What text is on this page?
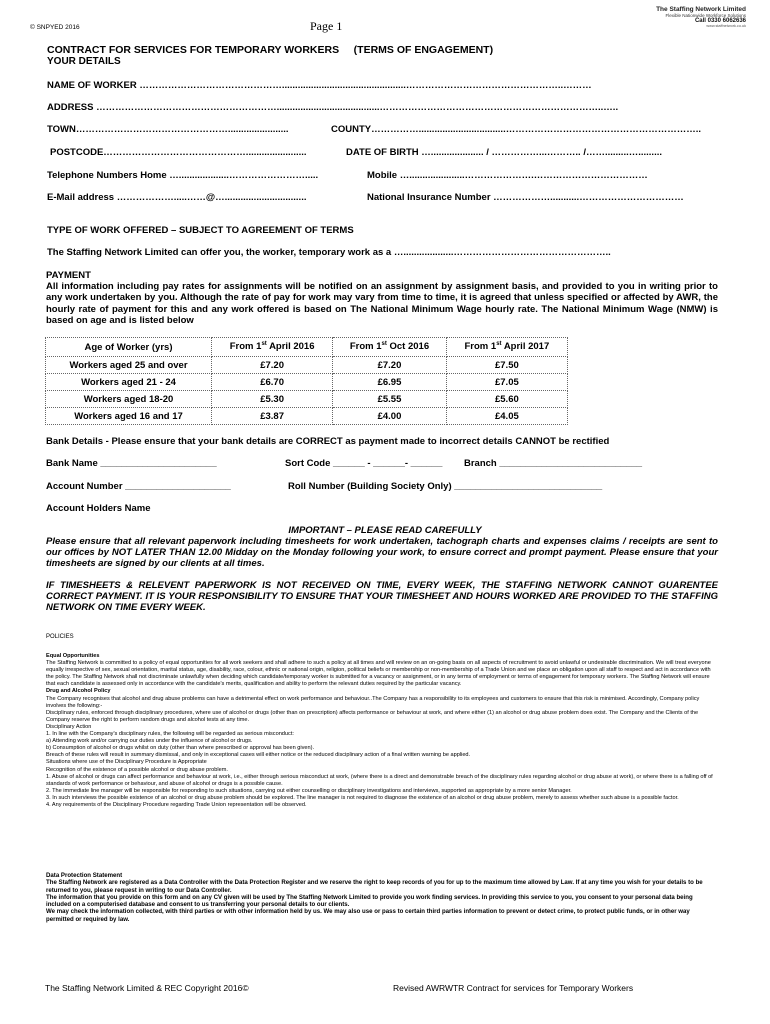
© SNPYED 2016	Page 1
The Staffing Network Limited
Flexible Nationwide Workforce Solutions
Call 0330 6062636
www.staffnetwork.co.uk
CONTRACT FOR SERVICES FOR TEMPORARY WORKERS     (TERMS OF ENGAGEMENT)
YOUR DETAILS
NAME OF WORKER ………………………………………...............................................…………………………………………..………
ADDRESS ………………………………………………….......................................……………………………………………………………..…..
TOWN………………………………………….......................	COUNTY…………….................................……………………………………………………..
POSTCODE……………………………………….......................	DATE OF BIRTH ….................... / ……………...……….. /…….........….........
Telephone Numbers Home …...................…………………….....	Mobile ….....................………………….………………………………
E-Mail address ……………….....……@…...............................	National Insurance Number ………………...........……………………………
TYPE OF WORK OFFERED – SUBJECT TO AGREEMENT OF TERMS
The Staffing Network Limited can offer you, the worker, temporary work as a …...................…………………………………………..
PAYMENT
All information including pay rates for assignments will be notified on an assignment by assignment basis, and provided to you in writing prior to any work undertaken by you. Although the rate of pay for work may vary from time to time, it is agreed that unless specified or affected by AWR, the hourly rate of payment for this and any work offered is based on The National Minimum Wage hourly rate. The National Minimum Wage (NMW) is based on age and is listed below
Age of Worker (yrs)	From 1st April 2016	From 1st Oct 2016	From 1st April 2017
Workers aged 25 and over	£7.20	£7.20	£7.50
Workers aged 21 - 24	£6.70	£6.95	£7.05
Workers aged 18-20	£5.30	£5.55	£5.60
Workers aged 16 and 17	£3.87	£4.00	£4.05
Bank Details - Please ensure that your bank details are CORRECT as payment made to incorrect details CANNOT be rectified
Bank Name ______________________	Sort Code ______ - ______- ______ Branch ___________________________
Account Number ____________________	Roll Number (Building Society Only) ____________________________
Account Holders Name
IMPORTANT – PLEASE READ CAREFULLY
Please ensure that all relevant paperwork including timesheets for work undertaken, tachograph charts and expenses claims / receipts are sent to our offices by NOT LATER THAN 12.00 Midday on the Monday following your work, to ensure correct and prompt payment. Please ensure that your timesheets are signed by our clients at all times.
IF TIMESHEETS & RELEVENT PAPERWORK IS NOT RECEIVED ON TIME, EVERY WEEK, THE STAFFING NETWORK CANNOT GUARENTEE CORRECT PAYMENT. IT IS YOUR RESPONSIBILITY TO ENSURE THAT YOUR TIMESHEET AND HOURS WORKED ARE PROVIDED TO THE STAFFING NETWORK ON TIME EVERY WEEK.
POLICIES

Equal Opportunities

The Staffing Network is committed to a policy of equal opportunities for all work seekers and shall adhere to such a policy at all times and will review on an on-going basis on all aspects of recruitment to avoid unlawful or undesirable discrimination. We will treat everyone equally irrespective of sex, sexual orientation, marital status, age, disability, race, colour, ethnic or national origin, religion, political beliefs or membership or non-membership of a Trade Union and we place an obligation upon all staff to respect and act in accordance with the policy. The Staffing Network shall not discriminate unlawfully when deciding which candidate/temporary worker is submitted for a vacancy or assignment, or in any terms of employment or terms of engagement for temporary workers. The Staffing Network will ensure that each candidate is assessed only in accordance with the candidate's merits, qualification and ability to perform the relevant duties required by the particular vacancy.

Drug and Alcohol Policy

The Company recognises that alcohol and drug abuse problems can have a detrimental effect on work performance and behaviour..The Company has a responsibility to its employees and customers to ensure that this risk is minimised. Accordingly, Company policy involves the following:-

Disciplinary rules, enforced through disciplinary procedures, where use of alcohol or drugs (other than on prescription) affects performance or behaviour at work, and where either (1) an alcohol or drug abuse problem does exist. The Company and the Clients of the Company reserve the right to perform random drugs and alcohol tests at any time.

Disciplinary Action

1. In line with the Company's disciplinary rules, the following will be regarded as serious misconduct:

a) Attending work and/or carrying our duties under the influence of alcohol or drugs.

b) Consumption of alcohol or drugs whilst on duty (other than where prescribed or approval has been given).

Breach of these rules will result in summary dismissal, and only in exceptional cases will either notice or the reduced disciplinary action of a final written warning be applied.

Situations where use of the Disciplinary Procedure is Appropriate

Recognition of the existence of a possible alcohol or drug abuse problem.

1. Abuse of alcohol or drugs can affect performance and behaviour at work, i.e., either through serious misconduct at work, (where there is a direct and demonstrable breach of the disciplinary rules regarding alcohol or drug abuse at work), or where there is a falling off of standards of work performance or behaviour, and abuse of alcohol or drugs is a possible cause.

2. The immediate line manager will be responsible for responding to such situations, carrying out either counselling or disciplinary investigations and interviews, supported as appropriate by a more senior Manager.

3. In such interviews the possible existence of an alcohol or drug abuse problem should be explored. The line manager is not required to diagnose the existence of an alcohol or drug abuse problem, merely to assess whether such abuse is a possible factor.

4. Any requirements of the Disciplinary Procedure regarding Trade Union representation will be observed.

Data Protection Statement

The Staffing Network are registered as a Data Controller with the Data Protection Register and we reserve the right to keep records of you for up to the maximum time allowed by Law. If at any time you wish for your details to be returned to you, please request in writing to our Data Controller.

The information that you provide on this form and on any CV given will be used by The Staffing Network Limited to provide you work finding services. In providing this service to you, you consent to your personal data being included on a computerised database and consent to us transferring your personal details to our clients.

We may check the information collected, with third parties or with other information held by us. We may also use or pass to certain third parties information to prevent or detect crime, to protect public funds, or in other way permitted or required by law.

The Staffing Network Limited & REC Copyright 2016©	Revised AWRWTR Contract for services for Temporary Workers
